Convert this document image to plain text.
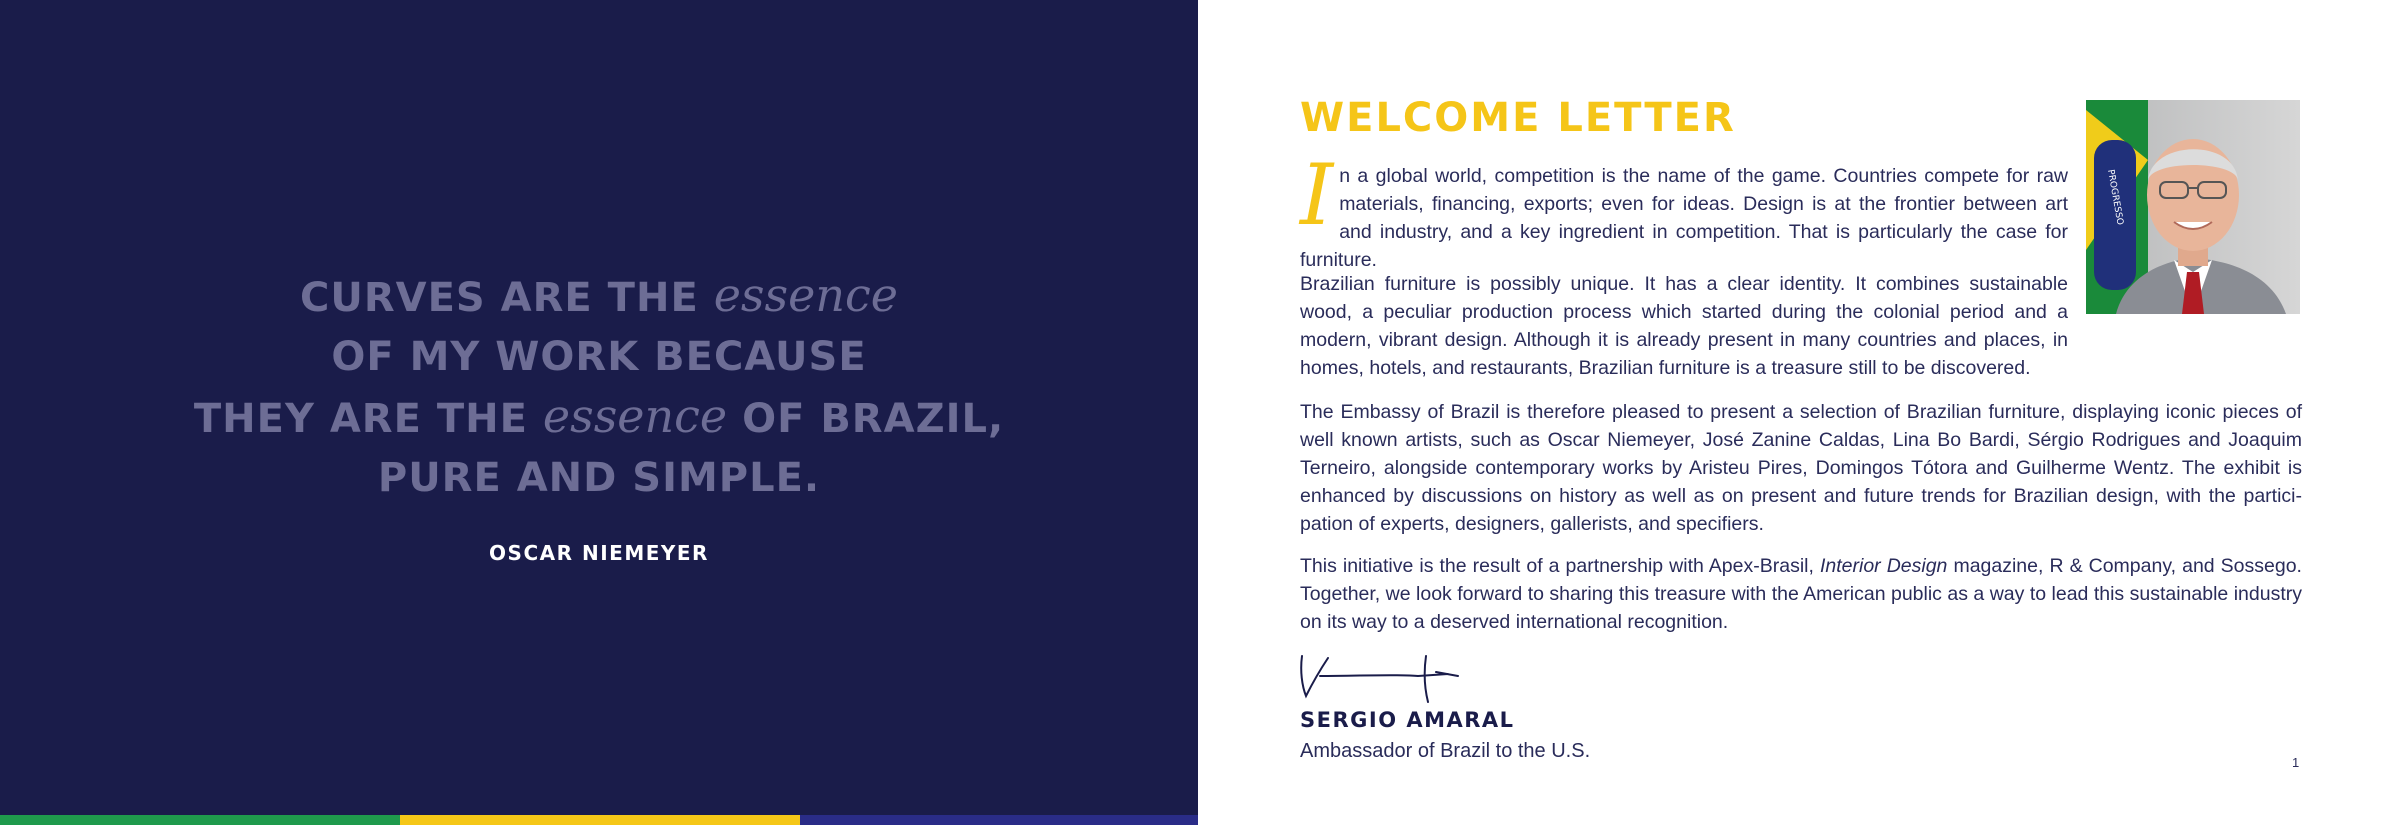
CURVES ARE THE essence
OF MY WORK BECAUSE
THEY ARE THE essence OF BRAZIL,
PURE AND SIMPLE.
OSCAR NIEMEYER
WELCOME LETTER
PROGRESSO

In a global world, competition is the name of the game. Countries compete for raw materials, financing, exports; even for ideas. Design is at the frontier between art and industry, and a key ingredient in competition. That is particularly the case for furniture.

Brazilian furniture is possibly unique. It has a clear identity. It combines sustainable wood, a peculiar production process which started during the colonial period and a modern, vibrant design. Although it is already present in many countries and places, in homes, hotels, and restaurants, Brazilian furniture is a treasure still to be discovered.

The Embassy of Brazil is therefore pleased to present a selection of Brazilian furniture, displaying iconic pieces of well known artists, such as Oscar Niemeyer, José Zanine Caldas, Lina Bo Bardi, Sérgio Rodrigues and Joaquim Terneiro, alongside contemporary works by Aristeu Pires, Domingos Tótora and Guilherme Wentz. The exhibit is enhanced by discussions on history as well as on present and future trends for Brazilian design, with the participation of experts, designers, gallerists, and specifiers.

This initiative is the result of a partnership with Apex-Brasil, Interior Design magazine, R & Company, and Sossego. Together, we look forward to sharing this treasure with the American public as a way to lead this sustainable industry on its way to a deserved international recognition.

SERGIO AMARAL
Ambassador of Brazil to the U.S.
1
